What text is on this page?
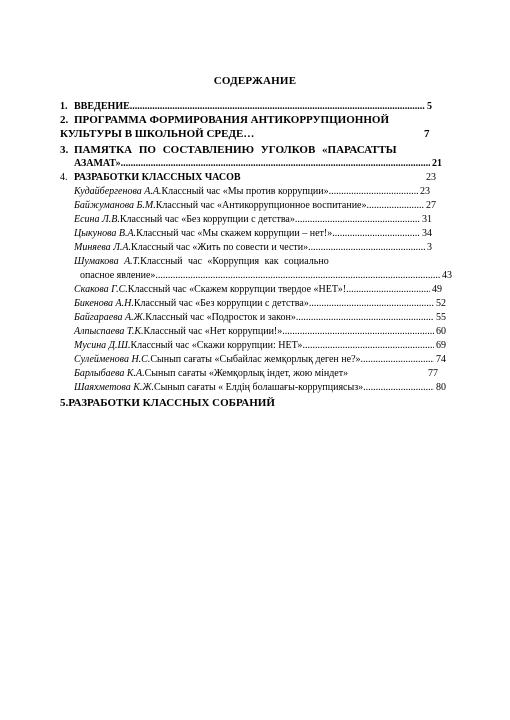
СОДЕРЖАНИЕ
1. ВВЕДЕНИЕ .....	5
2. ПРОГРАММА ФОРМИРОВАНИЯ АНТИКОРРУПЦИОННОЙ
КУЛЬТУРЫ В ШКОЛЬНОЙ СРЕДЕ…	7
3. ПАМЯТКА ПО СОСТАВЛЕНИЮ УГОЛКОВ «ПАРАСАТТЫ
АЗАМАТ» .....	21
4. РАЗРАБОТКИ КЛАССНЫХ ЧАСОВ	23
Кудайбергенова А.А. Классный час «Мы против коррупции» .....	23
Байжуманова Б.М. Классный час «Антикоррупционное воспитание» .....	27
Есина Л.В. Классный час «Без коррупции с детства» .....	31
Цыкунова В.А. Классный час «Мы скажем коррупции – нет!». .....	34
Миняева Л.А. Классный час «Жить по совести и чести» .....	3
Шумакова А.Т.Классный час «Коррупция как социально
опасное явление» .....	43
Скакова Г.С. Классный час «Скажем коррупции твердое «НЕТ»! .....	49
Бикенова А.Н. Классный час «Без коррупции с детства» .....	52
Байгараева А.Ж. Классный час «Подросток и закон» .....	55
Алпыспаева Т.К. Классный час «Нет коррупции!» .....	60
Мусина Д.Ш. Классный час «Скажи коррупции: НЕТ» .....	69
Сулейменова Н.С. Сынып сағаты «Сыбайлас жемқорлық деген не?» .....	74
Барлыбаева К.А.Сынып сағаты «Жемқорлық індет, жою міндет»	77
Шаяхметова К.Ж. Сынып сағаты « Елдің болашағы-коррупциясыз» .....	80
5.РАЗРАБОТКИ КЛАССНЫХ СОБРАНИЙ
